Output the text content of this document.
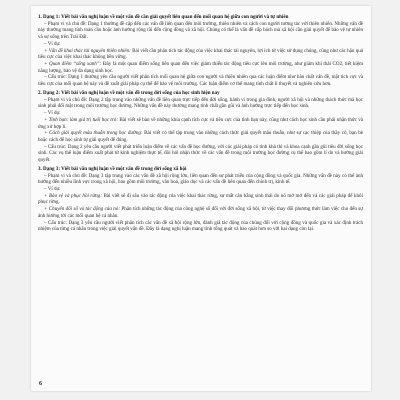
1. Dạng 1: Viết bài văn nghị luận về một vấn đề cần giải quyết liên quan đến mối quan hệ giữa con người và tự nhiên

– Phạm vi và chủ đề: Dạng 1 thường đề cập đến các vấn đề liên quan đến môi trường, thiên nhiên và cách con người tương tác với thiên nhiên. Những vấn đề này thường mang tính toàn cầu hoặc ảnh hưởng rộng rãi đến cộng đồng và xã hội. Chúng có thể là vấn đề cấp bách mà xã hội cần giải quyết để bảo vệ tự nhiên và sự sống trên Trái Đất.

– Ví dụ:

+ Vấn đề khai thác tài nguyên thiên nhiên: Bài viết cần phân tích tác động của việc khai thác tài nguyên, lợi ích từ việc sử dụng chúng, cũng như các hậu quả tiêu cực của việc khai thác không bền vững.

+ Quan điểm “sống xanh”: Đây là một quan điểm sống liên quan đến việc giảm thiểu tác động tiêu cực lên môi trường, như giảm khí thải CO2, tiết kiệm năng lượng, bảo vệ đa dạng sinh học.

– Cấu trúc: Dạng 1 thường yêu cầu người viết phân tích mối quan hệ giữa con người và thiên nhiên qua các luận điểm như bàn chất vấn đề, mặt tích cực và tiêu cực của mối quan hệ này và đề xuất giải pháp cụ thể để bảo vệ môi trường. Các luận điểm cơ thể mang tính chất lí thuyết và nghiên cứu hơn.

2. Dạng 2: Viết bài văn nghị luận về một vấn đề trong đời sống của học sinh hiện nay

– Phạm vi và chủ đề: Dạng 2 tập trung vào những vấn đề liên quan trực tiếp đến đời sống, hành vi trong gia đình, người xã hội và những thách thức mà học sinh phải đối mặt trong môi trường học đường. Những vấn đề này thường mang tính chất gần gũi và ảnh hưởng trực tiếp đến học sinh.

– Ví dụ:

+ Tinh bạn: làm giá trị tuổi học trò: Bài viết sẽ bàn về những khía cạnh tích cực và tiêu cực của tình bạn này, cũng như cách học sinh cần phải nhận thức và ứng xử hợp lí.

+ Cách giải quyết mâu thuẫn trong học đường: Bài viết có thể tập trung vào những cách thức giải quyết mâu thuẫn, như sự cạc thiệp của thầy cô, bạn bè hoặc cách để học sinh tự giải quyết để đúng.

– Cấu trúc: Dạng 2 yêu cầu người viết phát triển luận điểm về các vấn đề học đường, với các giải pháp có tính khả thi và khoa cạnh gần gũi tiêu đời sống học sinh. Các vụ thể luận điểm xuất phát từ kinh nghiệm thực tế, đòi hỏi nhận thức về các vấn đề trong môi trường học đường cụ thể bao gồm lí do và hướng giải quyết.

3. Dạng 3: Viết bài văn nghị luận về một vấn đề trong đời sống xã hội

– Phạm vi và chủ đề: Dạng 3 tập trung vào các vấn đề xã hội rộng lớn, liên quan đến sự phát triển của cộng đồng và quốc gia. Những vấn đề này có thể ảnh hưởng đến nhiều lĩnh vực trong xã hội, bao gồm môi trường, văn hoá, giáo dục và các vấn đề liên quan đến chính trị, kinh tế.

– Ví dụ:

+ Bảo vệ và phục hồi rừng: Bài viết sẽ đi sâu vào tác động của việc khai thác rừng, sự mất cân bằng sinh thái do nó mở mở đến và các giải pháp để khôi phục rừng.

+ Chuyển đổi số và tác động của nó: Phân tích những tác động của công nghệ số đối với đời sống xã hội, từ việc thay đổi phương thức làm việc cho đến sự ảnh hưởng tới các mối quan hệ cá nhân.

– Cấu trúc: Dạng 3 yêu cầu người viết phân tích các vấn đề xã hội rộng lớn, đánh giá tác động của chúng đối với cộng đồng và quốc gia và xác định trách nhiệm của từng cá nhân trong việc giải quyết vấn đề. Đây là dạng nghị luận mang tính tổng quát và bao quát hơn so với hai dạng còn lại.

6
